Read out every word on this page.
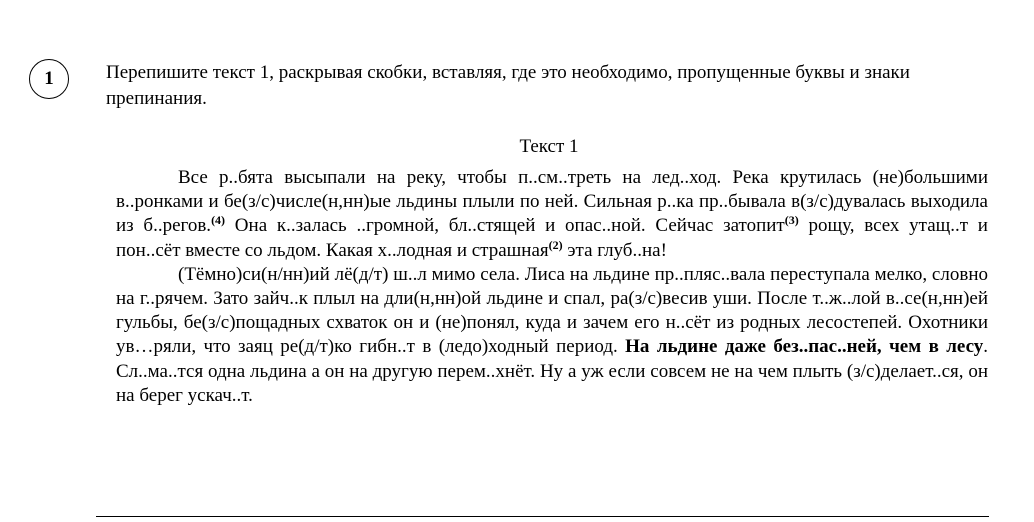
1	Перепишите текст 1, раскрывая скобки, вставляя, где это необходимо, пропущенные буквы и знаки препинания.
Текст 1

Все р..бята высыпали на реку, чтобы п..см..треть на лед..ход. Река крутилась (не)большими в..ронками и бе(з/с)числе(н,нн)ые льдины плыли по ней. Сильная р..ка пр..бывала в(з/с)дувалась выходила из б..регов.$^{(4)}$ Она к..залась ..громной, бл..стящей и опас..ной. Сейчас затопит$^{(3)}$ рощу, всех утащ..т и пон..сёт вместе со льдом. Какая х..лодная и страшная$^{(2)}$ эта глуб..на!

(Тёмно)си(н/нн)ий лё(д/т) ш..л мимо села. Лиса на льдине пр..пляс..вала переступала мелко, словно на г..рячем. Зато зайч..к плыл на дли(н,нн)ой льдине и спал, ра(з/с)весив уши. После т..ж..лой в..се(н,нн)ей гульбы, бе(з/с)пощадных схваток он и (не)понял, куда и зачем его н..сёт из родных лесостепей. Охотники ув…ряли, что заяц ре(д/т)ко гибн..т в (ледо)ходный период. На льдине даже без..пас..ней, чем в лесу. Сл..ма..тся одна льдина а он на другую перем..хнёт. Ну а уж если совсем не на чем плыть (з/с)делает..ся, он на берег ускач..т.
